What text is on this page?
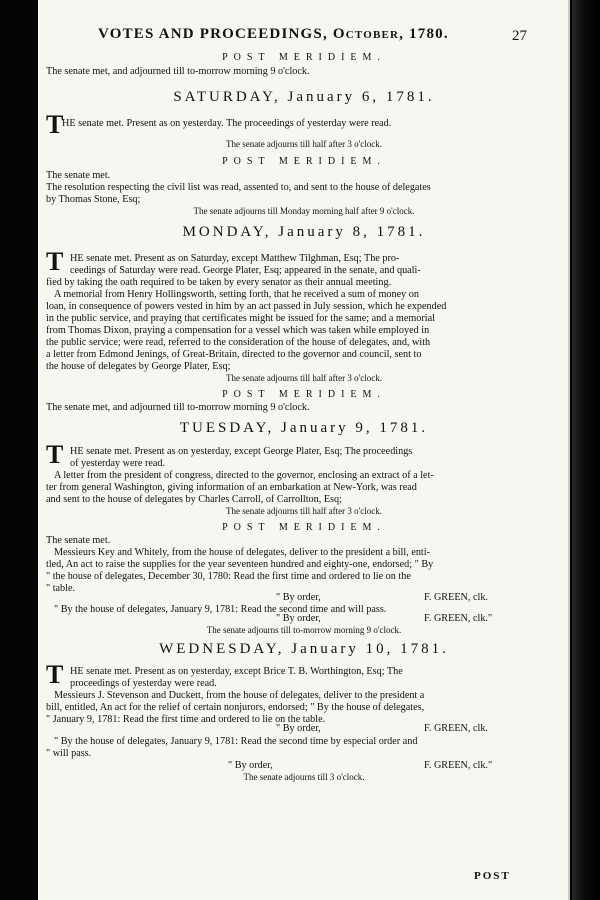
VOTES AND PROCEEDINGS, October, 1780.	27
POST MERIDIEM.
The senate met, and adjourned till to-morrow morning 9 o'clock.
SATURDAY, January 6, 1781.
HE senate met. Present as on yesterday. The proceedings of yesterday were read.
The senate adjourns till half after 3 o'clock.
POST MERIDIEM.
The senate met.
The resolution respecting the civil list was read, assented to, and sent to the house of delegates
by Thomas Stone, Esq;
The senate adjourns till Monday morning half after 9 o'clock.
MONDAY, January 8, 1781.
HE senate met. Present as on Saturday, except Matthew Tilghman, Esq; The pro-
ceedings of Saturday were read. George Plater, Esq; appeared in the senate, and quali-
fied by taking the oath required to be taken by every senator as their annual meeting.
A memorial from Henry Hollingsworth, setting forth, that he received a sum of money on
loan, in consequence of powers vested in him by an act passed in July session, which he expended
in the public service, and praying that certificates might be issued for the same; and a memorial
from Thomas Dixon, praying a compensation for a vessel which was taken while employed in
the public service; were read, referred to the consideration of the house of delegates, and, with
a letter from Edmond Jenings, of Great-Britain, directed to the governor and council, sent to
the house of delegates by George Plater, Esq;
The senate adjourns till half after 3 o'clock.
POST MERIDIEM.
The senate met, and adjourned till to-morrow morning 9 o'clock.
TUESDAY, January 9, 1781.
HE senate met. Present as on yesterday, except George Plater, Esq; The proceedings
of yesterday were read.
A letter from the president of congress, directed to the governor, enclosing an extract of a let-
ter from general Washington, giving information of an embarkation at New-York, was read
and sent to the house of delegates by Charles Carroll, of Carrollton, Esq;
The senate adjourns till half after 3 o'clock.
POST MERIDIEM.
The senate met.
Messieurs Key and Whitely, from the house of delegates, deliver to the president a bill, enti-
tled, An act to raise the supplies for the year seventeen hundred and eighty-one, endorsed; " By
" the house of delegates, December 30, 1780: Read the first time and ordered to lie on the
" table.
" By order,	F. GREEN, clk.
" By the house of delegates, January 9, 1781: Read the second time and will pass.
" By order,	F. GREEN, clk."
The senate adjourns till to-morrow morning 9 o'clock.
WEDNESDAY, January 10, 1781.
HE senate met. Present as on yesterday, except Brice T. B. Worthington, Esq; The
proceedings of yesterday were read.
Messieurs J. Stevenson and Duckett, from the house of delegates, deliver to the president a
bill, entitled, An act for the relief of certain nonjurors, endorsed; " By the house of delegates,
" January 9, 1781: Read the first time and ordered to lie on the table.
" By order,	F. GREEN, clk.
" By the house of delegates, January 9, 1781: Read the second time by especial order and
" will pass.
" By order,	F. GREEN, clk."
The senate adjourns till 3 o'clock.
T
T
T
T
POST
